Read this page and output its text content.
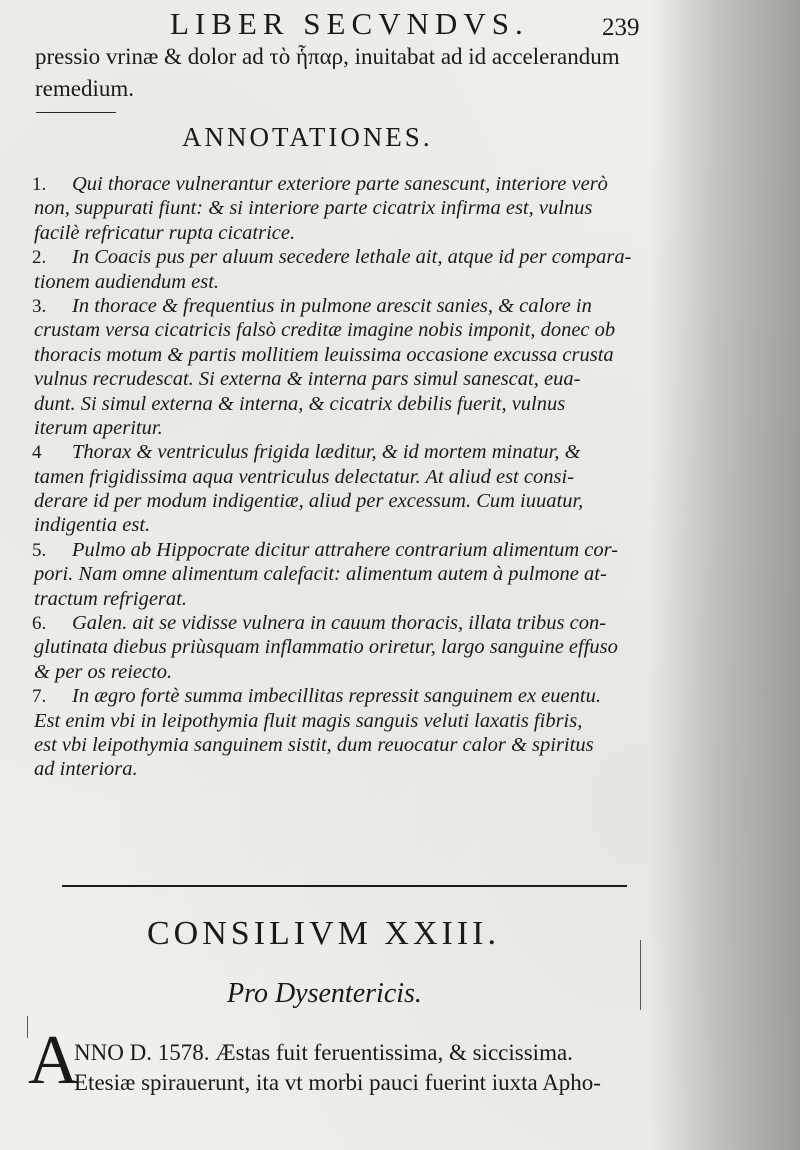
LIBER SECVNDVS.	239
pressio vrinæ & dolor ad τὸ ἧπαρ, inuitabat ad id accelerandum
remedium.
ANNOTATIONES.
1. Qui thorace vulnerantur exteriore parte sanescunt, interiore verò
non, suppurati fiunt: & si interiore parte cicatrix infirma est, vulnus
facilè refricatur rupta cicatrice.
2. In Coacis pus per aluum secedere lethale ait, atque id per compara-
tionem audiendum est.
3. In thorace & frequentius in pulmone arescit sanies, & calore in
crustam versa cicatricis falsò creditæ imagine nobis imponit, donec ob
thoracis motum & partis mollitiem leuissima occasione excussa crusta
vulnus recrudescat. Si externa & interna pars simul sanescat, eua-
dunt. Si simul externa & interna, & cicatrix debilis fuerit, vulnus
iterum aperitur.
4 Thorax & ventriculus frigida læditur, & id mortem minatur, &
tamen frigidissima aqua ventriculus delectatur. At aliud est consi-
derare id per modum indigentiæ, aliud per excessum. Cum iuuatur,
indigentia est.
5. Pulmo ab Hippocrate dicitur attrahere contrarium alimentum cor-
pori. Nam omne alimentum calefacit: alimentum autem à pulmone at-
tractum refrigerat.
6. Galen. ait se vidisse vulnera in cauum thoracis, illata tribus con-
glutinata diebus priùsquam inflammatio oriretur, largo sanguine effuso
& per os reiecto.
7. In ægro fortè summa imbecillitas repressit sanguinem ex euentu.
Est enim vbi in leipothymia fluit magis sanguis veluti laxatis fibris,
est vbi leipothymia sanguinem sistit, dum reuocatur calor & spiritus
ad interiora.
CONSILIVM XXIII.
Pro Dysentericis.
A
NNO D. 1578. Æstas fuit feruentissima, & siccissima.
Etesiæ spirauerunt, ita vt morbi pauci fuerint iuxta Apho-
